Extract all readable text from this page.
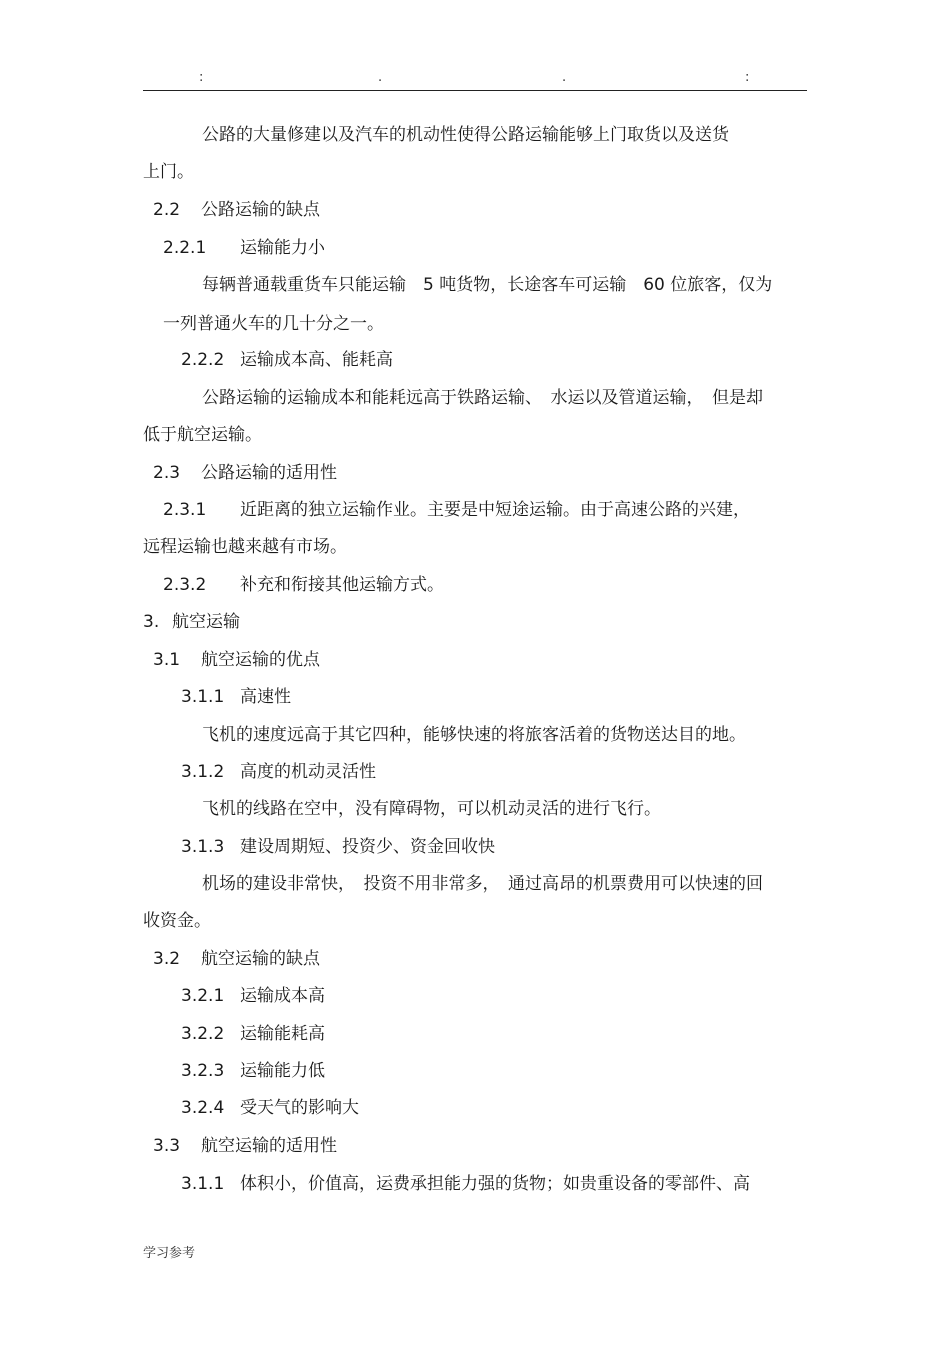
:	.	.	:
公路的大量修建以及汽车的机动性使得公路运输能够上门取货以及送货
上门。
2.2 公路运输的缺点
2.2.1 运输能力小
每辆普通载重货车只能运输　5 吨货物，长途客车可运输　60 位旅客，仅为
一列普通火车的几十分之一。
2.2.2 运输成本高、能耗高
公路运输的运输成本和能耗远高于铁路运输、　水运以及管道运输，　但是却
低于航空运输。
2.3 公路运输的适用性
2.3.1 近距离的独立运输作业。主要是中短途运输。由于高速公路的兴建，
远程运输也越来越有市场。
2.3.2 补充和衔接其他运输方式。
3. 航空运输
3.1 航空运输的优点
3.1.1 高速性
飞机的速度远高于其它四种，能够快速的将旅客活着的货物送达目的地。
3.1.2 高度的机动灵活性
飞机的线路在空中，没有障碍物，可以机动灵活的进行飞行。
3.1.3 建设周期短、投资少、资金回收快
机场的建设非常快，　投资不用非常多，　通过高昂的机票费用可以快速的回
收资金。
3.2 航空运输的缺点
3.2.1 运输成本高
3.2.2 运输能耗高
3.2.3 运输能力低
3.2.4 受天气的影响大
3.3 航空运输的适用性
3.1.1 体积小，价值高，运费承担能力强的货物；如贵重设备的零部件、高
学习参考
